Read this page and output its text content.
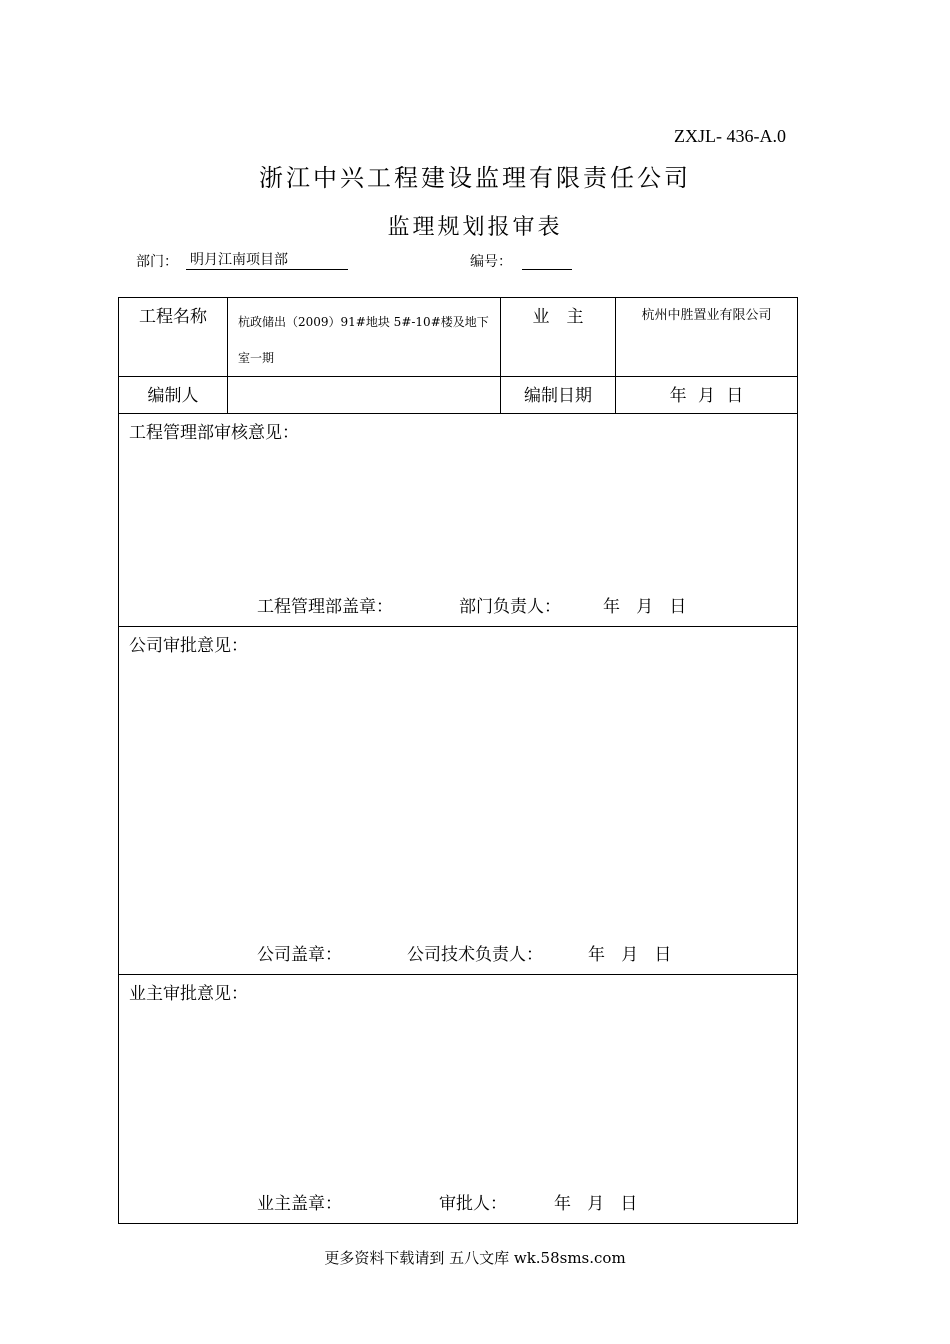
ZXJL- 436-A.0
浙江中兴工程建设监理有限责任公司
监理规划报审表
部门： 明月江南项目部	编号：
工程名称	杭政储出（2009）91#地块 5#-10#楼及地下室一期	业　主	杭州中胜置业有限公司
编制人		编制日期	年 月 日

工程管理部审核意见：
工程管理部盖章： 部门负责人： 年   月   日			

公司审批意见：
公司盖章： 公司技术负责人： 年   月   日			

业主审批意见：
业主盖章： 审批人： 年   月   日			
更多资料下载请到 五八文库 wk.58sms.com
